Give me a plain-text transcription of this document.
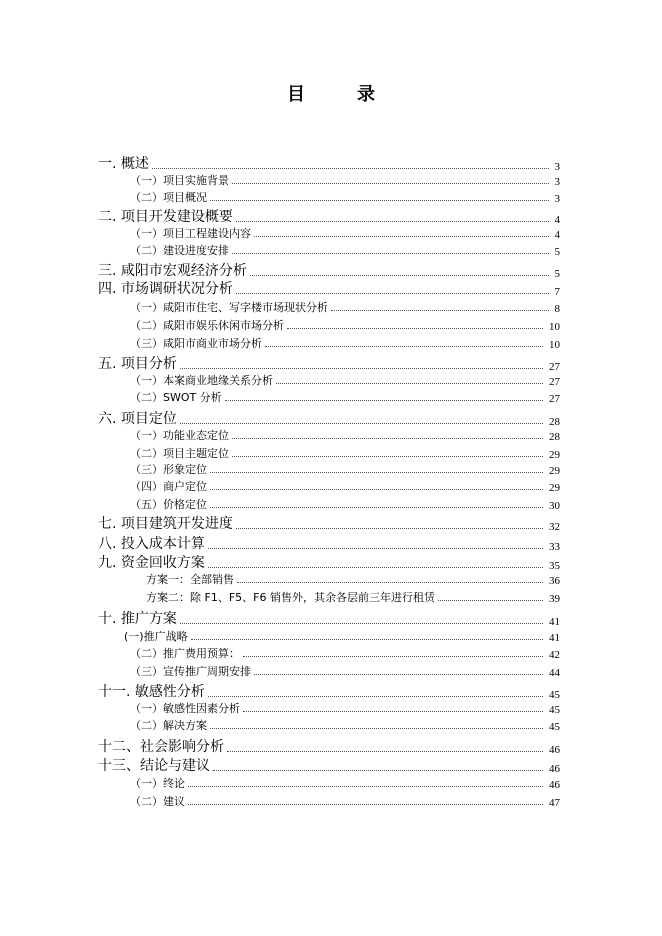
目	录
一. 概述	3
（一）项目实施背景	3
（二）项目概况	3
二. 项目开发建设概要	4
（一）项目工程建设内容	4
（二）建设进度安排	5
三. 咸阳市宏观经济分析	5
四. 市场调研状况分析	7
（一）咸阳市住宅、写字楼市场现状分析	8
（二）咸阳市娱乐休闲市场分析	10
（三）咸阳市商业市场分析	10
五. 项目分析	27
（一）本案商业地缘关系分析	27
（二）SWOT 分析	27
六. 项目定位	28
（一）功能业态定位	28
（二）项目主题定位	29
（三）形象定位	29
（四）商户定位	29
（五）价格定位	30
七. 项目建筑开发进度	32
八. 投入成本计算	33
九. 资金回收方案	35
方案一：全部销售	36
方案二：除 F1、F5、F6 销售外，其余各层前三年进行租赁	39
十. 推广方案	41
(一)推广战略	41
（二）推广费用预算：	42
（三）宣传推广周期安排	44
十一. 敏感性分析	45
（一）敏感性因素分析	45
（二）解决方案	45
十二、社会影响分析	46
十三、结论与建议	46
（一）终论	46
（二）建议	47
